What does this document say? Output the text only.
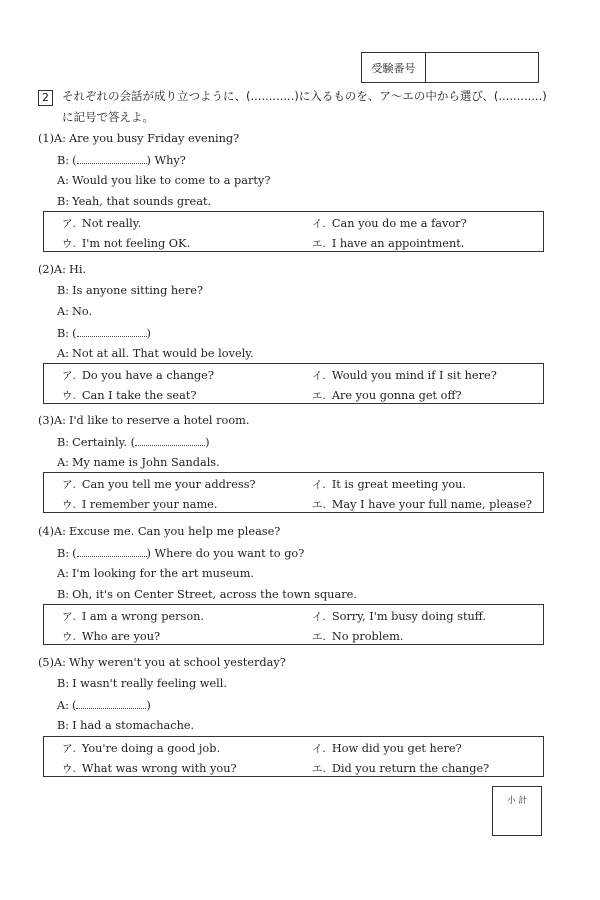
受験番号
2	それぞれの会話が成り立つように、(............)に入るものを、ア〜エの中から選び、(............)
に記号で答えよ。
(1)A: Are you busy Friday evening?
B: (	) Why?
A: Would you like to come to a party?
B: Yeah, that sounds great.
ア. Not really.	イ. Can you do me a favor?
ウ. I'm not feeling OK.	エ. I have an appointment.
(2)A: Hi.
B: Is anyone sitting here?
A: No.
B: (	)
A: Not at all. That would be lovely.
ア. Do you have a change?	イ. Would you mind if I sit here?
ウ. Can I take the seat?	エ. Are you gonna get off?
(3)A: I'd like to reserve a hotel room.
B: Certainly. (	)
A: My name is John Sandals.
ア. Can you tell me your address?	イ. It is great meeting you.
ウ. I remember your name.	エ. May I have your full name, please?
(4)A: Excuse me. Can you help me please?
B: (	) Where do you want to go?
A: I'm looking for the art museum.
B: Oh, it's on Center Street, across the town square.
ア. I am a wrong person.	イ. Sorry, I'm busy doing stuff.
ウ. Who are you?	エ. No problem.
(5)A: Why weren't you at school yesterday?
B: I wasn't really feeling well.
A: (	)
B: I had a stomachache.
ア. You're doing a good job.	イ. How did you get here?
ウ. What was wrong with you?	エ. Did you return the change?
小 計
